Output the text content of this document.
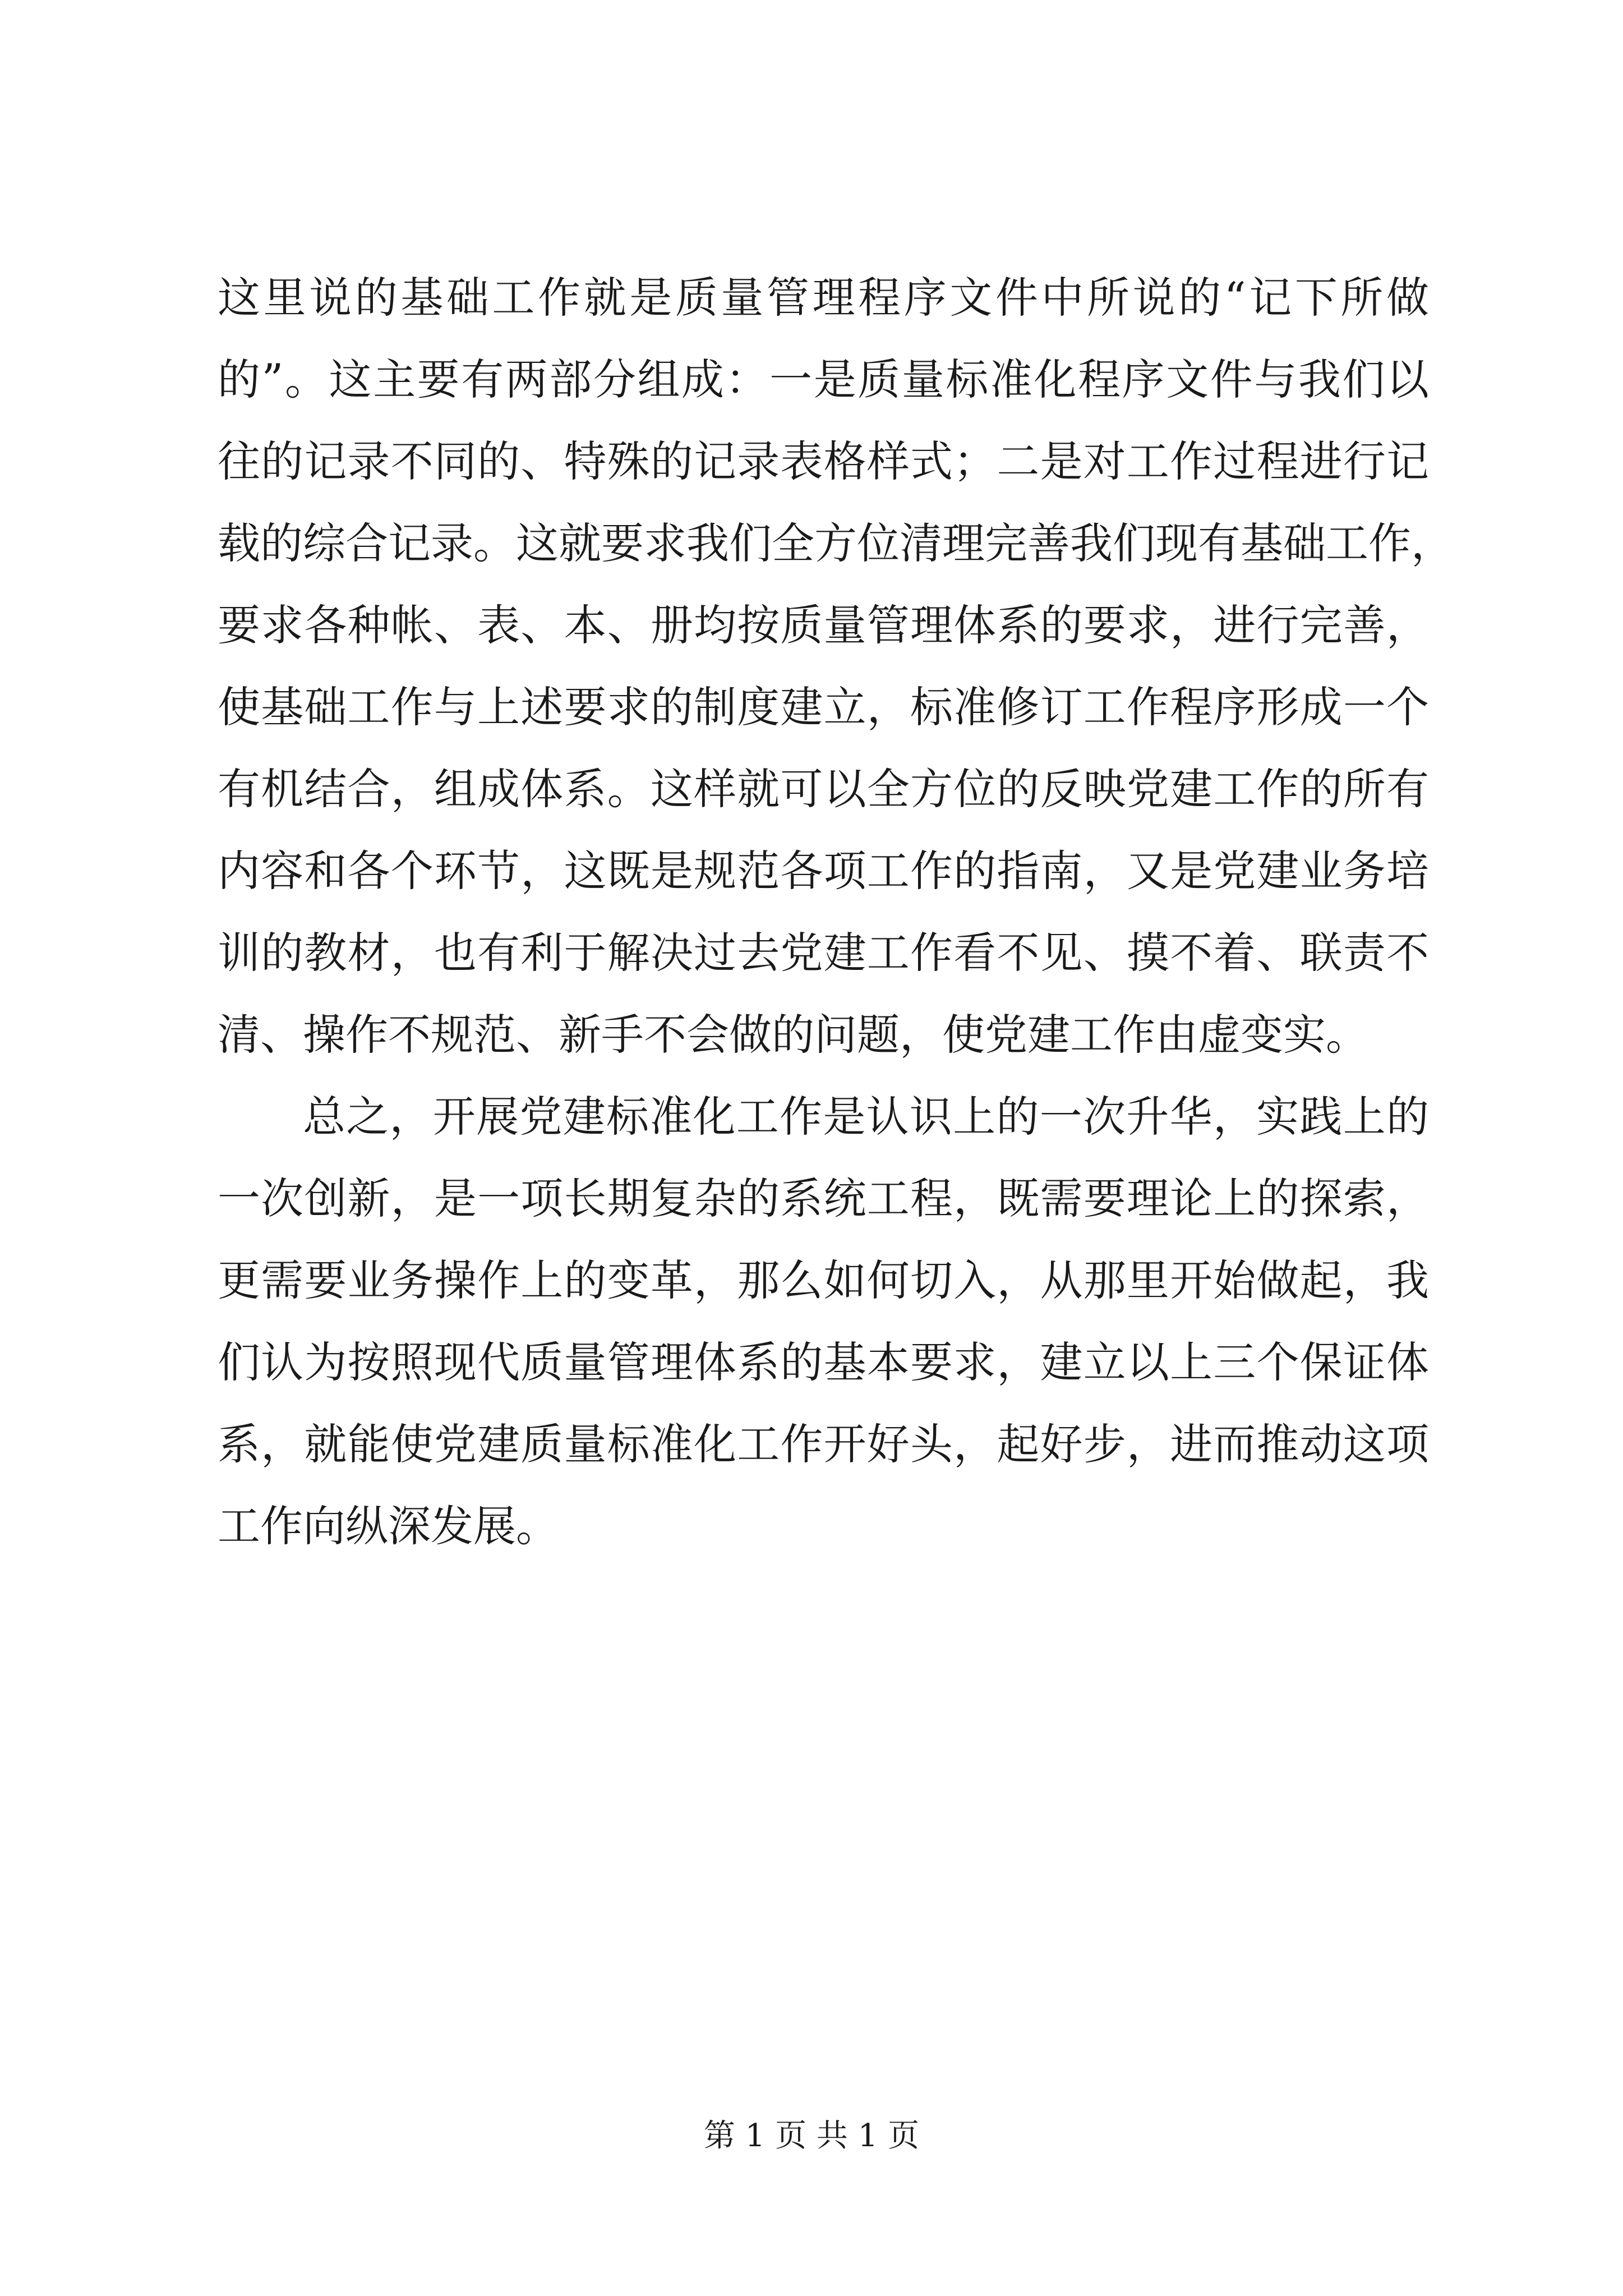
这里说的基础工作就是质量管理程序文件中所说的“记下所做
的”。这主要有两部分组成：一是质量标准化程序文件与我们以
往的记录不同的、特殊的记录表格样式；二是对工作过程进行记
载的综合记录。这就要求我们全方位清理完善我们现有基础工作，
要求各种帐、表、本、册均按质量管理体系的要求，进行完善，
使基础工作与上述要求的制度建立，标准修订工作程序形成一个
有机结合，组成体系。这样就可以全方位的反映党建工作的所有
内容和各个环节，这既是规范各项工作的指南，又是党建业务培
训的教材，也有利于解决过去党建工作看不见、摸不着、联责不
清、操作不规范、新手不会做的问题，使党建工作由虚变实。
总之，开展党建标准化工作是认识上的一次升华，实践上的
一次创新，是一项长期复杂的系统工程，既需要理论上的探索，
更需要业务操作上的变革，那么如何切入，从那里开始做起，我
们认为按照现代质量管理体系的基本要求，建立以上三个保证体
系，就能使党建质量标准化工作开好头，起好步，进而推动这项
工作向纵深发展。
第 1 页 共 1 页
